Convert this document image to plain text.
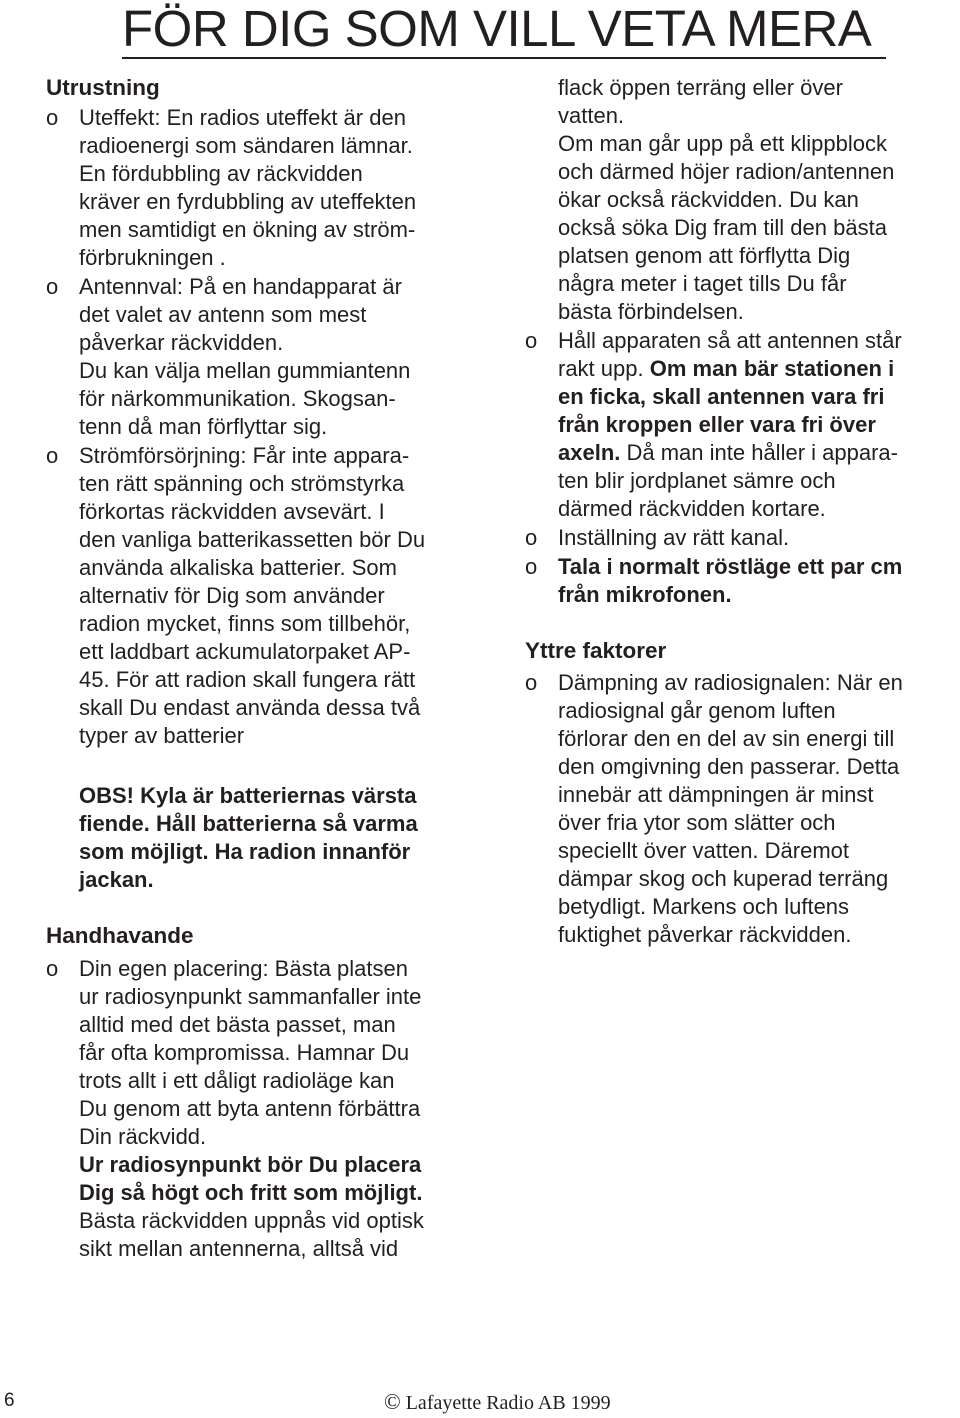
FÖR DIG SOM VILL VETA MERA
Utrustning
o Uteffekt: En radios uteffekt är den
radioenergi som sändaren lämnar.
En fördubbling av räckvidden
kräver en fyrdubbling av uteffekten
men samtidigt en ökning av ström-
förbrukningen .
o Antennval: På en handapparat är
det valet av antenn som mest
påverkar räckvidden.
Du kan välja mellan gummiantenn
för närkommunikation. Skogsan-
tenn då man förflyttar sig.
o Strömförsörjning: Får inte appara-
ten rätt spänning och strömstyrka
förkortas räckvidden avsevärt. I
den vanliga batterikassetten bör Du
använda alkaliska batterier. Som
alternativ för Dig som använder
radion mycket, finns som tillbehör,
ett laddbart ackumulatorpaket AP-
45. För att radion skall fungera rätt
skall Du endast använda dessa två
typer av batterier
OBS! Kyla är batteriernas värsta
fiende. Håll batterierna så varma
som möjligt. Ha radion innanför
jackan.
Handhavande
o Din egen placering: Bästa platsen
ur radiosynpunkt sammanfaller inte
alltid med det bästa passet, man
får ofta kompromissa. Hamnar Du
trots allt i ett dåligt radioläge kan
Du genom att byta antenn förbättra
Din räckvidd.
Ur radiosynpunkt bör Du placera
Dig så högt och fritt som möjligt.
Bästa räckvidden uppnås vid optisk
sikt mellan antennerna, alltså vid
flack öppen terräng eller över
vatten.
Om man går upp på ett klippblock
och därmed höjer radion/antennen
ökar också räckvidden. Du kan
också söka Dig fram till den bästa
platsen genom att förflytta Dig
några meter i taget tills Du får
bästa förbindelsen.
o Håll apparaten så att antennen står
rakt upp. Om man bär stationen i
en ficka, skall antennen vara fri
från kroppen eller vara fri över
axeln. Då man inte håller i appara-
ten blir jordplanet sämre och
därmed räckvidden kortare.
o Inställning av rätt kanal.
o Tala i normalt röstläge ett par cm
från mikrofonen.
Yttre faktorer
o Dämpning av radiosignalen: När en
radiosignal går genom luften
förlorar den en del av sin energi till
den omgivning den passerar. Detta
innebär att dämpningen är minst
över fria ytor som slätter och
speciellt över vatten. Däremot
dämpar skog och kuperad terräng
betydligt. Markens och luftens
fuktighet påverkar räckvidden.
6	© Lafayette Radio AB 1999
